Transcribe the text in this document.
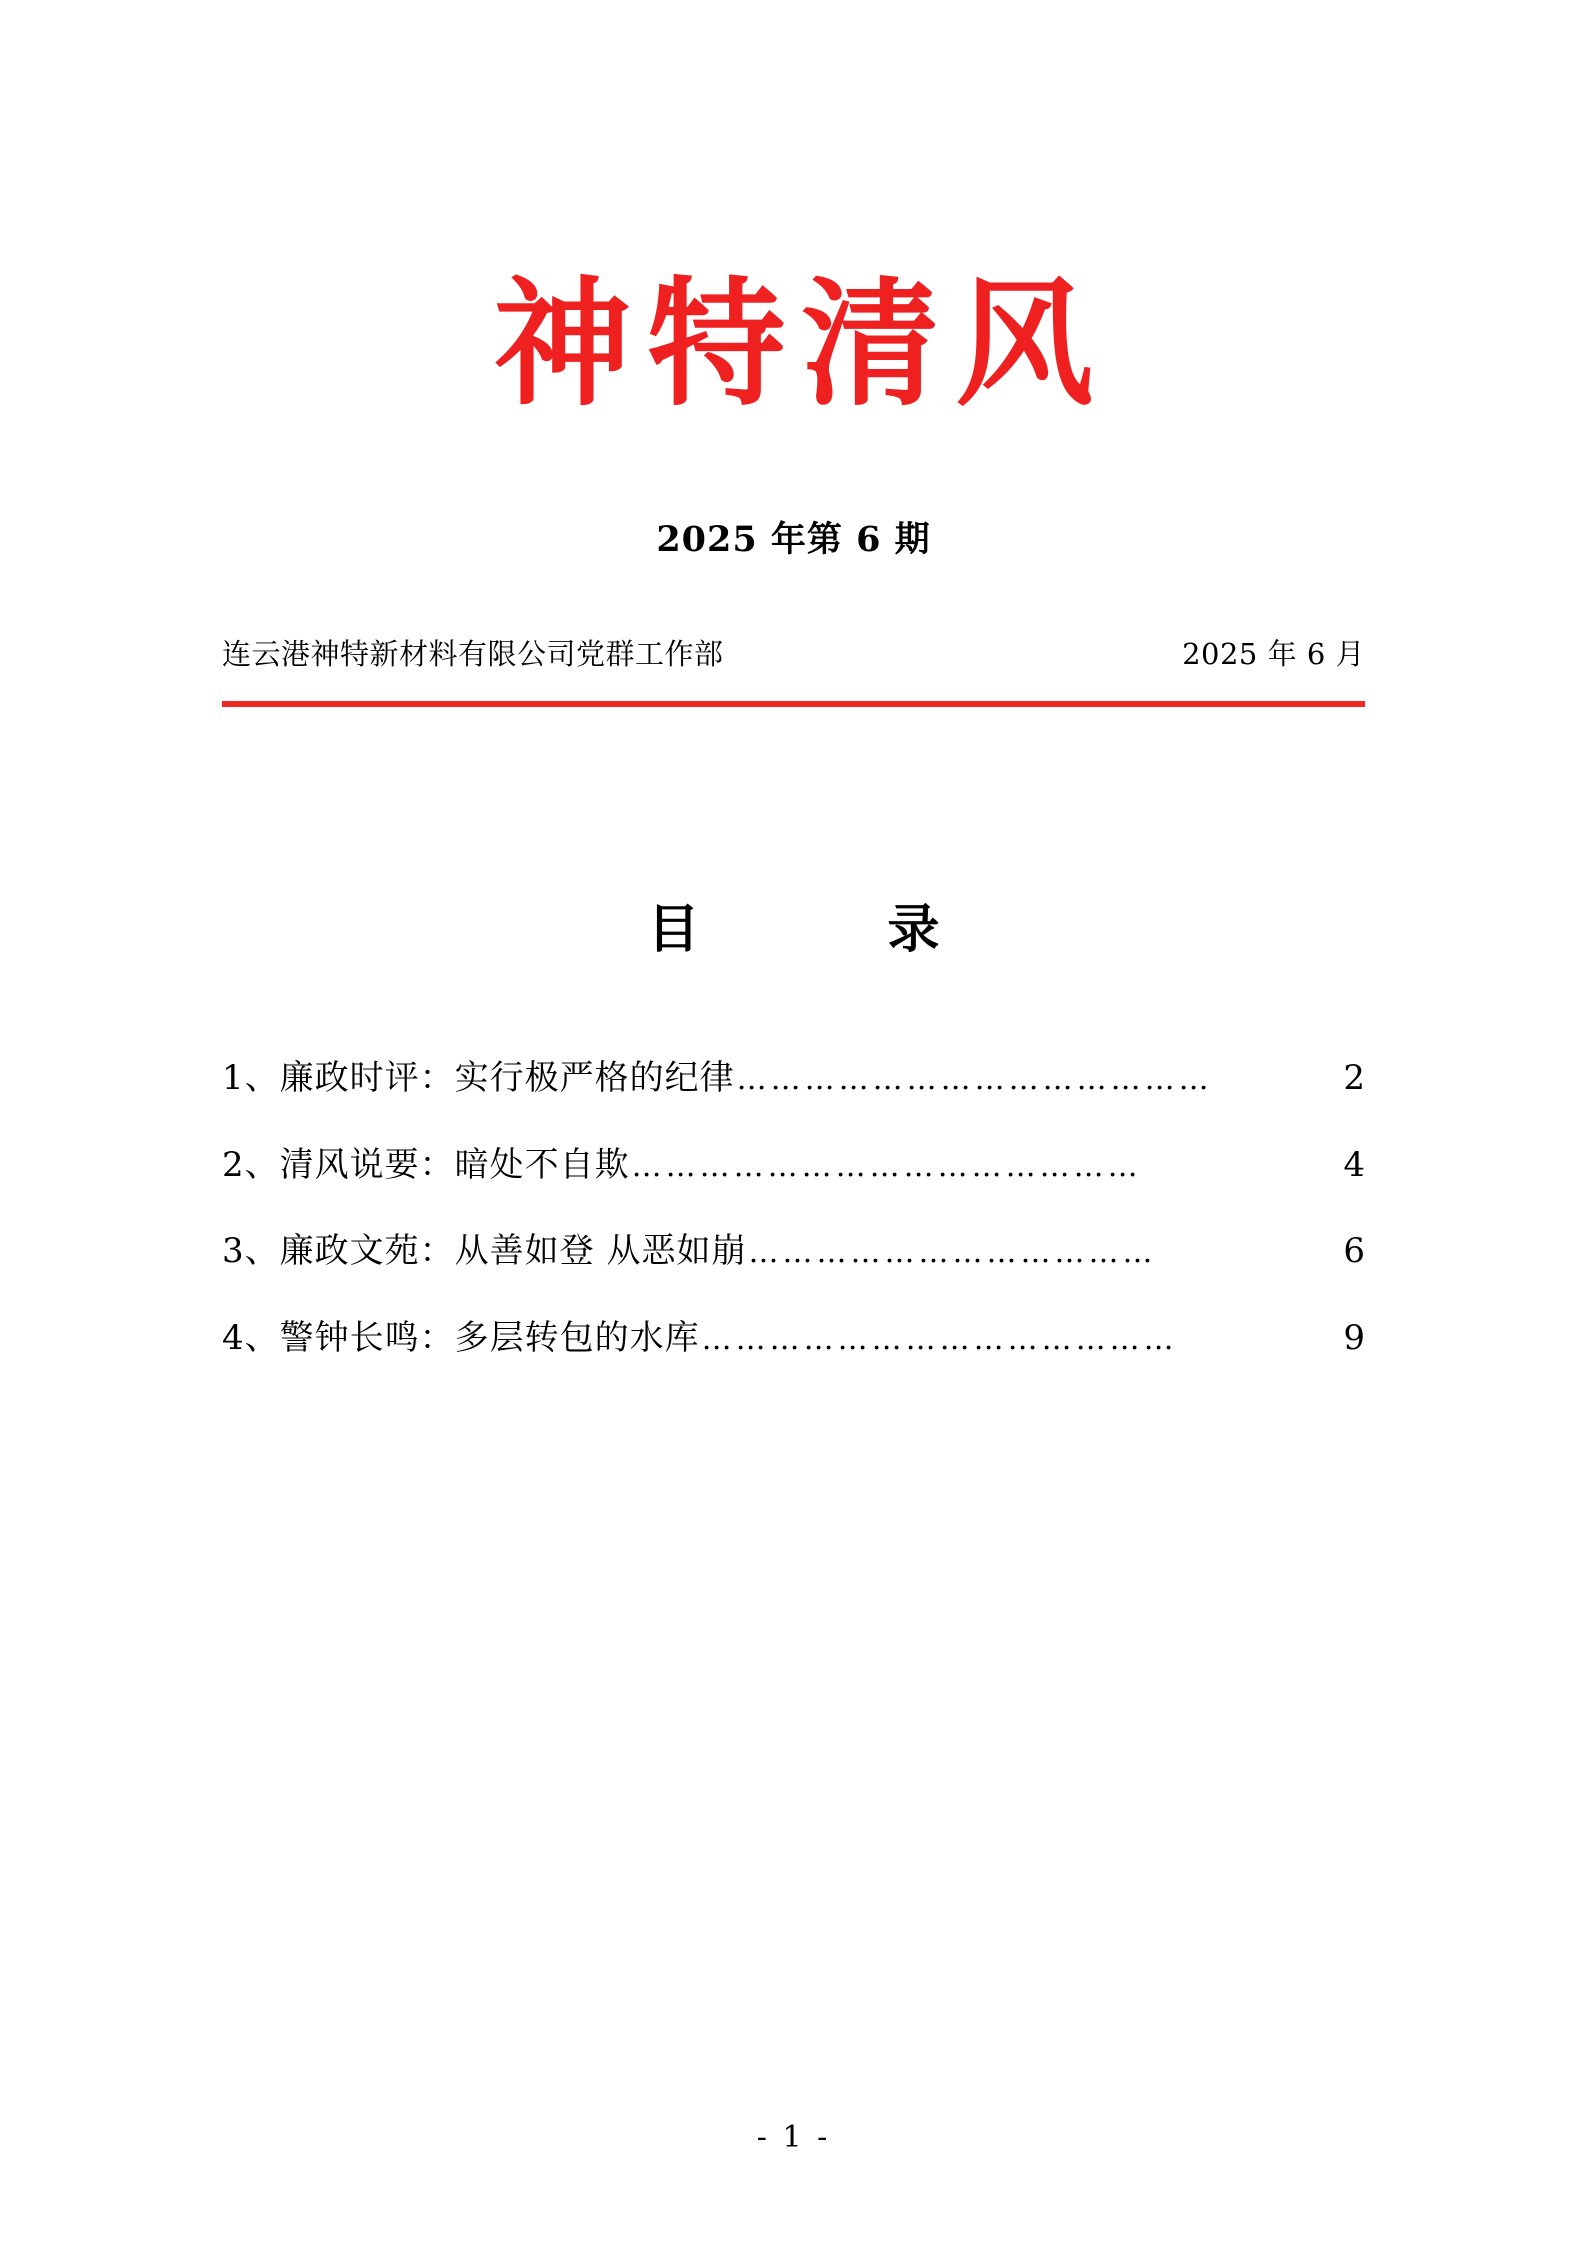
神特清风
2025 年第 6 期
连云港神特新材料有限公司党群工作部	2025 年 6 月
目　　录
1、廉政时评：实行极严格的纪律 ……………………………………	2
2、清风说要：暗处不自欺 ………………………………………	4
3、廉政文苑：从善如登 从恶如崩 ………………………………	6
4、警钟长鸣：多层转包的水库 ……………………………………	9
- 1 -
